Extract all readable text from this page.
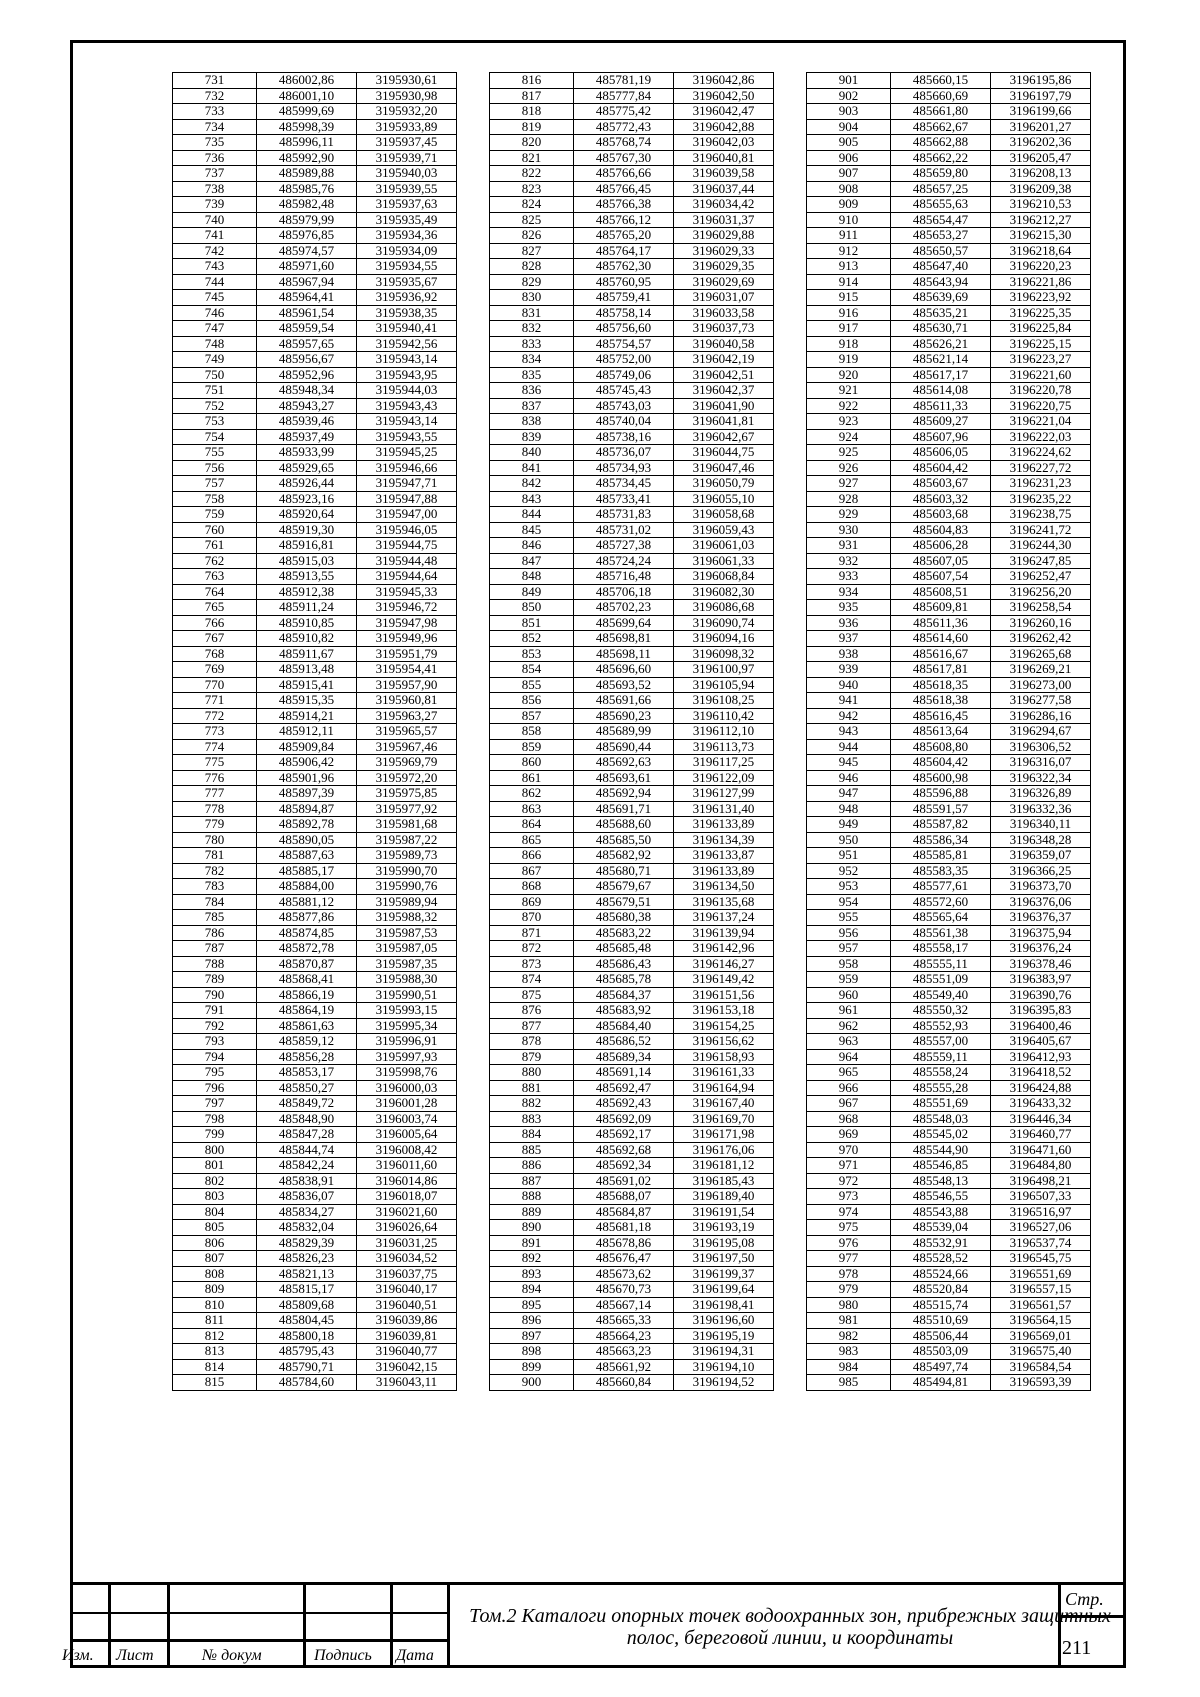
731	486002,86	3195930,61
732	486001,10	3195930,98
733	485999,69	3195932,20
734	485998,39	3195933,89
735	485996,11	3195937,45
736	485992,90	3195939,71
737	485989,88	3195940,03
738	485985,76	3195939,55
739	485982,48	3195937,63
740	485979,99	3195935,49
741	485976,85	3195934,36
742	485974,57	3195934,09
743	485971,60	3195934,55
744	485967,94	3195935,67
745	485964,41	3195936,92
746	485961,54	3195938,35
747	485959,54	3195940,41
748	485957,65	3195942,56
749	485956,67	3195943,14
750	485952,96	3195943,95
751	485948,34	3195944,03
752	485943,27	3195943,43
753	485939,46	3195943,14
754	485937,49	3195943,55
755	485933,99	3195945,25
756	485929,65	3195946,66
757	485926,44	3195947,71
758	485923,16	3195947,88
759	485920,64	3195947,00
760	485919,30	3195946,05
761	485916,81	3195944,75
762	485915,03	3195944,48
763	485913,55	3195944,64
764	485912,38	3195945,33
765	485911,24	3195946,72
766	485910,85	3195947,98
767	485910,82	3195949,96
768	485911,67	3195951,79
769	485913,48	3195954,41
770	485915,41	3195957,90
771	485915,35	3195960,81
772	485914,21	3195963,27
773	485912,11	3195965,57
774	485909,84	3195967,46
775	485906,42	3195969,79
776	485901,96	3195972,20
777	485897,39	3195975,85
778	485894,87	3195977,92
779	485892,78	3195981,68
780	485890,05	3195987,22
781	485887,63	3195989,73
782	485885,17	3195990,70
783	485884,00	3195990,76
784	485881,12	3195989,94
785	485877,86	3195988,32
786	485874,85	3195987,53
787	485872,78	3195987,05
788	485870,87	3195987,35
789	485868,41	3195988,30
790	485866,19	3195990,51
791	485864,19	3195993,15
792	485861,63	3195995,34
793	485859,12	3195996,91
794	485856,28	3195997,93
795	485853,17	3195998,76
796	485850,27	3196000,03
797	485849,72	3196001,28
798	485848,90	3196003,74
799	485847,28	3196005,64
800	485844,74	3196008,42
801	485842,24	3196011,60
802	485838,91	3196014,86
803	485836,07	3196018,07
804	485834,27	3196021,60
805	485832,04	3196026,64
806	485829,39	3196031,25
807	485826,23	3196034,52
808	485821,13	3196037,75
809	485815,17	3196040,17
810	485809,68	3196040,51
811	485804,45	3196039,86
812	485800,18	3196039,81
813	485795,43	3196040,77
814	485790,71	3196042,15
815	485784,60	3196043,11
816	485781,19	3196042,86
817	485777,84	3196042,50
818	485775,42	3196042,47
819	485772,43	3196042,88
820	485768,74	3196042,03
821	485767,30	3196040,81
822	485766,66	3196039,58
823	485766,45	3196037,44
824	485766,38	3196034,42
825	485766,12	3196031,37
826	485765,20	3196029,88
827	485764,17	3196029,33
828	485762,30	3196029,35
829	485760,95	3196029,69
830	485759,41	3196031,07
831	485758,14	3196033,58
832	485756,60	3196037,73
833	485754,57	3196040,58
834	485752,00	3196042,19
835	485749,06	3196042,51
836	485745,43	3196042,37
837	485743,03	3196041,90
838	485740,04	3196041,81
839	485738,16	3196042,67
840	485736,07	3196044,75
841	485734,93	3196047,46
842	485734,45	3196050,79
843	485733,41	3196055,10
844	485731,83	3196058,68
845	485731,02	3196059,43
846	485727,38	3196061,03
847	485724,24	3196061,33
848	485716,48	3196068,84
849	485706,18	3196082,30
850	485702,23	3196086,68
851	485699,64	3196090,74
852	485698,81	3196094,16
853	485698,11	3196098,32
854	485696,60	3196100,97
855	485693,52	3196105,94
856	485691,66	3196108,25
857	485690,23	3196110,42
858	485689,99	3196112,10
859	485690,44	3196113,73
860	485692,63	3196117,25
861	485693,61	3196122,09
862	485692,94	3196127,99
863	485691,71	3196131,40
864	485688,60	3196133,89
865	485685,50	3196134,39
866	485682,92	3196133,87
867	485680,71	3196133,89
868	485679,67	3196134,50
869	485679,51	3196135,68
870	485680,38	3196137,24
871	485683,22	3196139,94
872	485685,48	3196142,96
873	485686,43	3196146,27
874	485685,78	3196149,42
875	485684,37	3196151,56
876	485683,92	3196153,18
877	485684,40	3196154,25
878	485686,52	3196156,62
879	485689,34	3196158,93
880	485691,14	3196161,33
881	485692,47	3196164,94
882	485692,43	3196167,40
883	485692,09	3196169,70
884	485692,17	3196171,98
885	485692,68	3196176,06
886	485692,34	3196181,12
887	485691,02	3196185,43
888	485688,07	3196189,40
889	485684,87	3196191,54
890	485681,18	3196193,19
891	485678,86	3196195,08
892	485676,47	3196197,50
893	485673,62	3196199,37
894	485670,73	3196199,64
895	485667,14	3196198,41
896	485665,33	3196196,60
897	485664,23	3196195,19
898	485663,23	3196194,31
899	485661,92	3196194,10
900	485660,84	3196194,52
901	485660,15	3196195,86
902	485660,69	3196197,79
903	485661,80	3196199,66
904	485662,67	3196201,27
905	485662,88	3196202,36
906	485662,22	3196205,47
907	485659,80	3196208,13
908	485657,25	3196209,38
909	485655,63	3196210,53
910	485654,47	3196212,27
911	485653,27	3196215,30
912	485650,57	3196218,64
913	485647,40	3196220,23
914	485643,94	3196221,86
915	485639,69	3196223,92
916	485635,21	3196225,35
917	485630,71	3196225,84
918	485626,21	3196225,15
919	485621,14	3196223,27
920	485617,17	3196221,60
921	485614,08	3196220,78
922	485611,33	3196220,75
923	485609,27	3196221,04
924	485607,96	3196222,03
925	485606,05	3196224,62
926	485604,42	3196227,72
927	485603,67	3196231,23
928	485603,32	3196235,22
929	485603,68	3196238,75
930	485604,83	3196241,72
931	485606,28	3196244,30
932	485607,05	3196247,85
933	485607,54	3196252,47
934	485608,51	3196256,20
935	485609,81	3196258,54
936	485611,36	3196260,16
937	485614,60	3196262,42
938	485616,67	3196265,68
939	485617,81	3196269,21
940	485618,35	3196273,00
941	485618,38	3196277,58
942	485616,45	3196286,16
943	485613,64	3196294,67
944	485608,80	3196306,52
945	485604,42	3196316,07
946	485600,98	3196322,34
947	485596,88	3196326,89
948	485591,57	3196332,36
949	485587,82	3196340,11
950	485586,34	3196348,28
951	485585,81	3196359,07
952	485583,35	3196366,25
953	485577,61	3196373,70
954	485572,60	3196376,06
955	485565,64	3196376,37
956	485561,38	3196375,94
957	485558,17	3196376,24
958	485555,11	3196378,46
959	485551,09	3196383,97
960	485549,40	3196390,76
961	485550,32	3196395,83
962	485552,93	3196400,46
963	485557,00	3196405,67
964	485559,11	3196412,93
965	485558,24	3196418,52
966	485555,28	3196424,88
967	485551,69	3196433,32
968	485548,03	3196446,34
969	485545,02	3196460,77
970	485544,90	3196471,60
971	485546,85	3196484,80
972	485548,13	3196498,21
973	485546,55	3196507,33
974	485543,88	3196516,97
975	485539,04	3196527,06
976	485532,91	3196537,74
977	485528,52	3196545,75
978	485524,66	3196551,69
979	485520,84	3196557,15
980	485515,74	3196561,57
981	485510,69	3196564,15
982	485506,44	3196569,01
983	485503,09	3196575,40
984	485497,74	3196584,54
985	485494,81	3196593,39
Изм. Лист	№ докум	Подпись Дата
Том.2 Каталоги опорных точек водоохранных зон, прибрежных защитных полос, береговой линии, и координаты
Стр.
211
